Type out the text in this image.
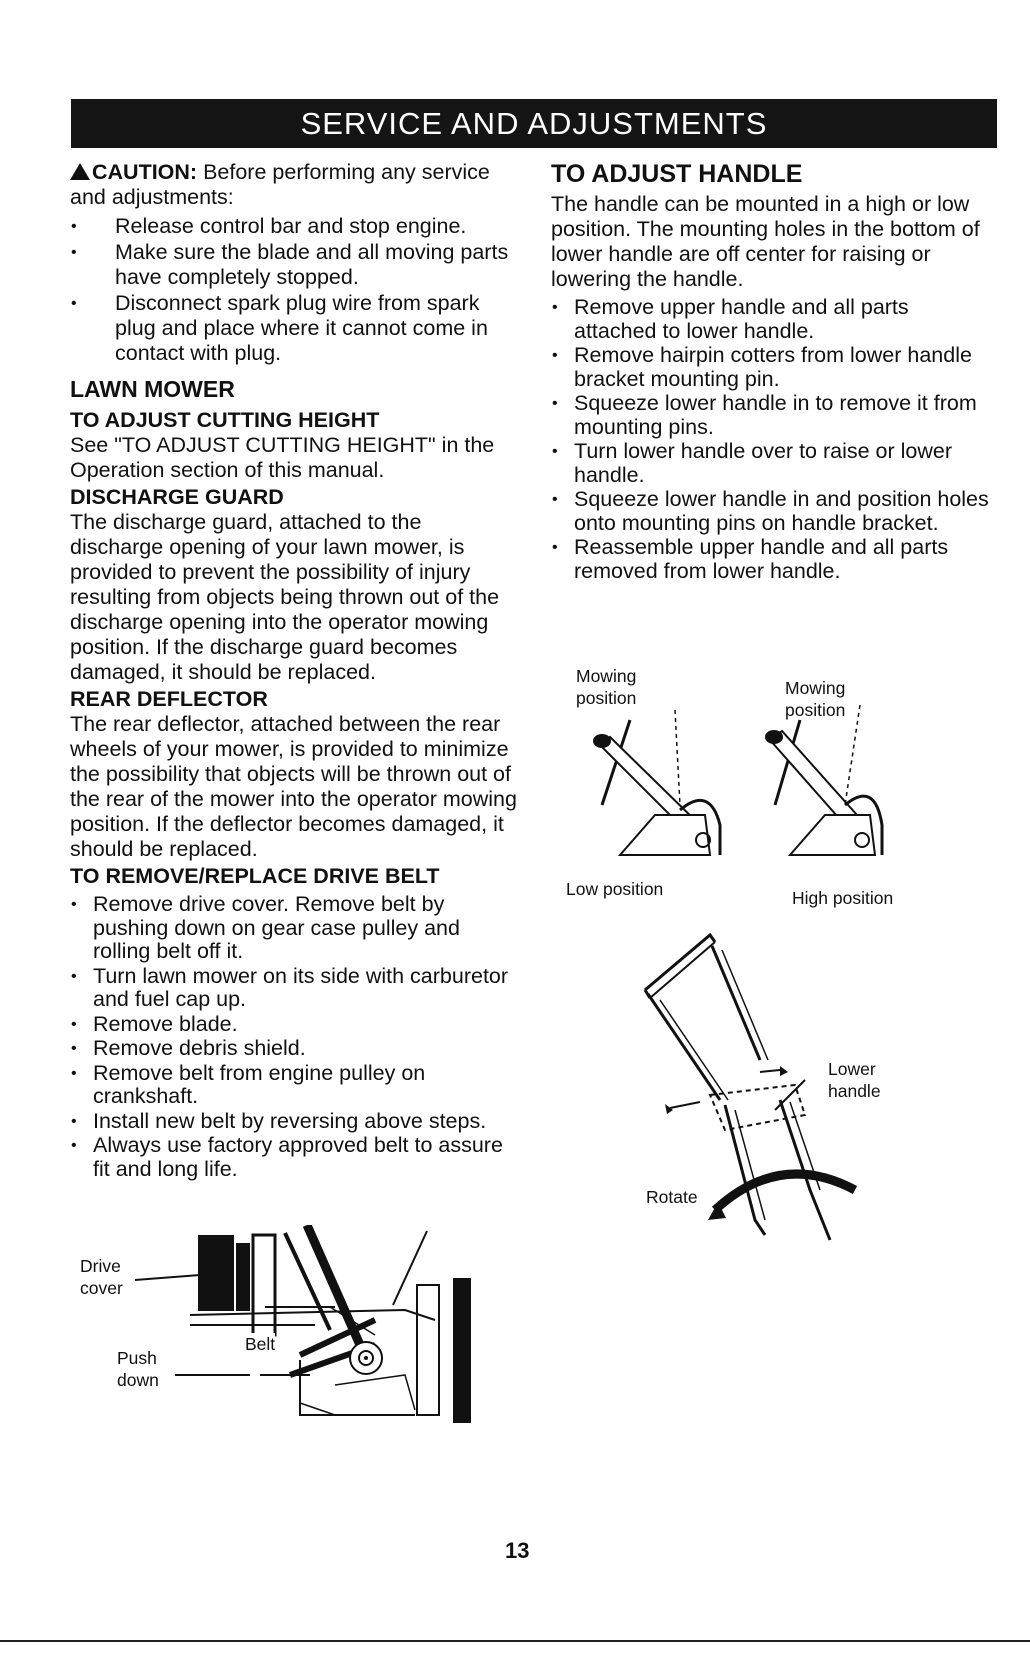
SERVICE AND ADJUSTMENTS

CAUTION: Before performing any service and adjustments:

• Release control bar and stop engine.
• Make sure the blade and all moving parts have completely stopped.
• Disconnect spark plug wire from spark plug and place where it cannot come in contact with plug.
LAWN MOWER
TO ADJUST CUTTING HEIGHT

See "TO ADJUST CUTTING HEIGHT" in the Operation section of this manual.

DISCHARGE GUARD

The discharge guard, attached to the discharge opening of your lawn mower, is provided to prevent the possibility of injury resulting from objects being thrown out of the discharge opening into the operator mowing position. If the discharge guard becomes damaged, it should be replaced.

REAR DEFLECTOR

The rear deflector, attached between the rear wheels of your mower, is provided to minimize the possibility that objects will be thrown out of the rear of the mower into the operator mowing position. If the deflector becomes damaged, it should be replaced.

TO REMOVE/REPLACE DRIVE BELT
• Remove drive cover. Remove belt by pushing down on gear case pulley and rolling belt off it.
• Turn lawn mower on its side with carburetor and fuel cap up.
• Remove blade.
• Remove debris shield.
• Remove belt from engine pulley on crankshaft.
• Install new belt by reversing above steps.
• Always use factory approved belt to assure fit and long life.
Drive cover
Belt
Push down
TO ADJUST HANDLE

The handle can be mounted in a high or low position. The mounting holes in the bottom of lower handle are off center for raising or lowering the handle.

• Remove upper handle and all parts attached to lower handle.
• Remove hairpin cotters from lower handle bracket mounting pin.
• Squeeze lower handle in to remove it from mounting pins.
• Turn lower handle over to raise or lower handle.
• Squeeze lower handle in and position holes onto mounting pins on handle bracket.
• Reassemble upper handle and all parts removed from lower handle.
Mowing position	Mowing position
Low position	High position
Lower handle
Rotate
13
